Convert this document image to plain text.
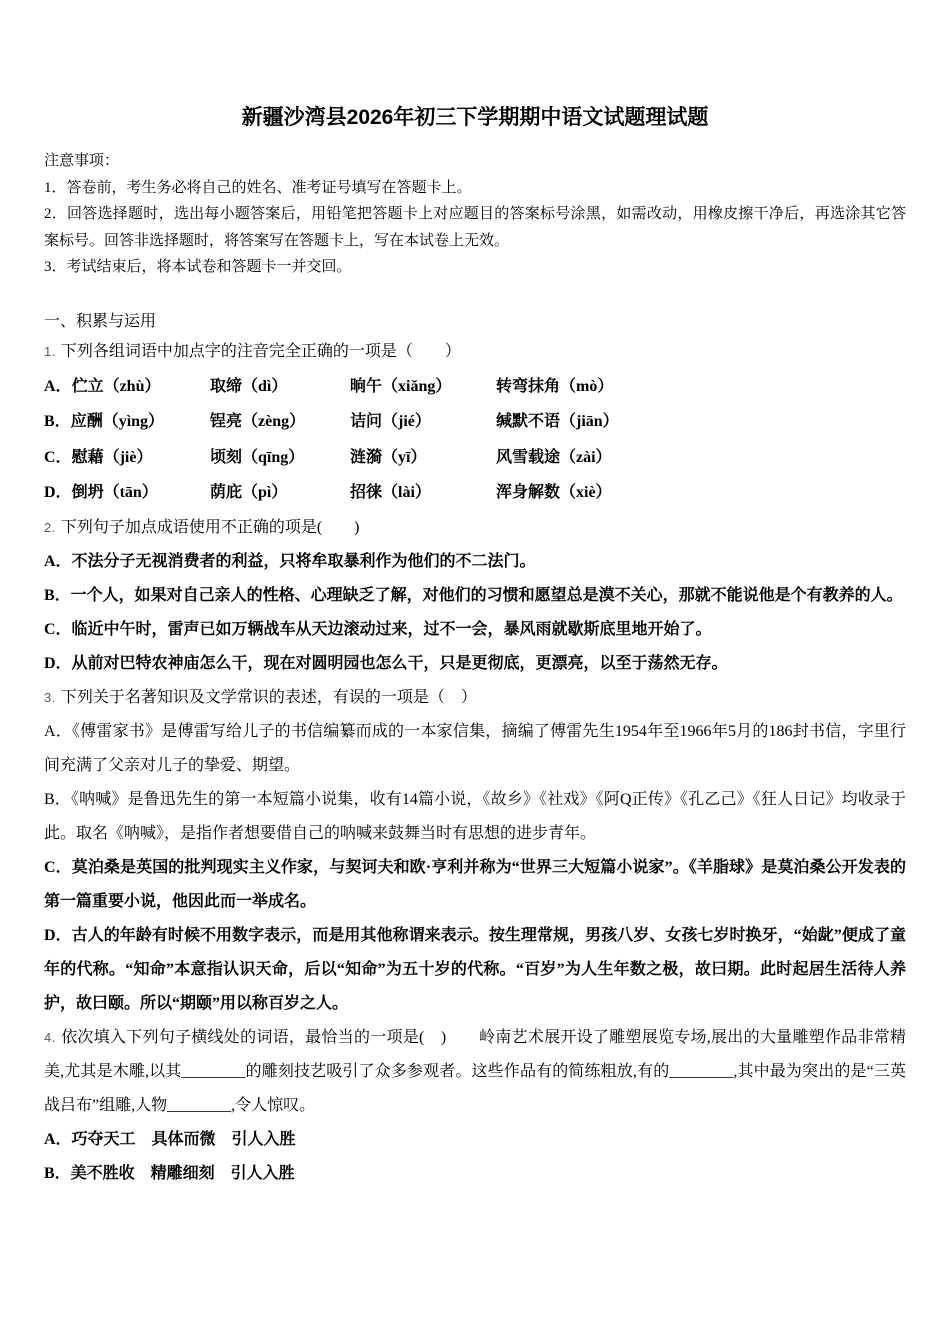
新疆沙湾县2026年初三下学期期中语文试题理试题

注意事项：

1．答卷前，考生务必将自己的姓名、准考证号填写在答题卡上。

2．回答选择题时，选出每小题答案后，用铅笔把答题卡上对应题目的答案标号涂黑，如需改动，用橡皮擦干净后，再选涂其它答案标号。回答非选择题时，将答案写在答题卡上，写在本试卷上无效。

3．考试结束后，将本试卷和答题卡一并交回。

一、积累与运用

1. 下列各组词语中加点字的注音完全正确的一项是（　　）

A．伫立（zhù）	取缔（dì）	晌午（xiǎng）	转弯抹角（mò）
B．应酬（yìng）	锃亮（zèng）	诘问（jié）	缄默不语（jiān）
C．慰藉（jiè）	顷刻（qīng）	涟漪（yī）	风雪载途（zài）
D．倒坍（tān）	荫庇（pì）	招徕（lài）	浑身解数（xiè）

2. 下列句子加点成语使用不正确的项是(　　)

A．不法分子无视消费者的利益，只将牟取暴利作为他们的不二法门。

B．一个人，如果对自己亲人的性格、心理缺乏了解，对他们的习惯和愿望总是漠不关心，那就不能说他是个有教养的人。

C．临近中午时，雷声已如万辆战车从天边滚动过来，过不一会，暴风雨就歇斯底里地开始了。

D．从前对巴特农神庙怎么干，现在对圆明园也怎么干，只是更彻底，更漂亮，以至于荡然无存。

3. 下列关于名著知识及文学常识的表述，有误的一项是（　）

A．《傅雷家书》是傅雷写给儿子的书信编纂而成的一本家信集，摘编了傅雷先生1954年至1966年5月的186封书信，字里行间充满了父亲对儿子的挚爱、期望。

B．《呐喊》是鲁迅先生的第一本短篇小说集，收有14篇小说，《故乡》《社戏》《阿Q正传》《孔乙己》《狂人日记》均收录于此。取名《呐喊》，是指作者想要借自己的呐喊来鼓舞当时有思想的进步青年。

C．莫泊桑是英国的批判现实主义作家，与契诃夫和欧·亨利并称为“世界三大短篇小说家”。《羊脂球》是莫泊桑公开发表的第一篇重要小说，他因此而一举成名。

D．古人的年龄有时候不用数字表示，而是用其他称谓来表示。按生理常规，男孩八岁、女孩七岁时换牙，“始龀”便成了童年的代称。“知命”本意指认识天命，后以“知命”为五十岁的代称。“百岁”为人生年数之极，故曰期。此时起居生活待人养护，故曰颐。所以“期颐”用以称百岁之人。

4. 依次填入下列句子横线处的词语，最恰当的一项是(　)　　岭南艺术展开设了雕塑展览专场,展出的大量雕塑作品非常精美,尤其是木雕,以其________的雕刻技艺吸引了众多参观者。这些作品有的简练粗放,有的________,其中最为突出的是“三英战吕布”组雕,人物________,令人惊叹。

A．巧夺天工　具体而微　引人入胜

B．美不胜收　精雕细刻　引人入胜
